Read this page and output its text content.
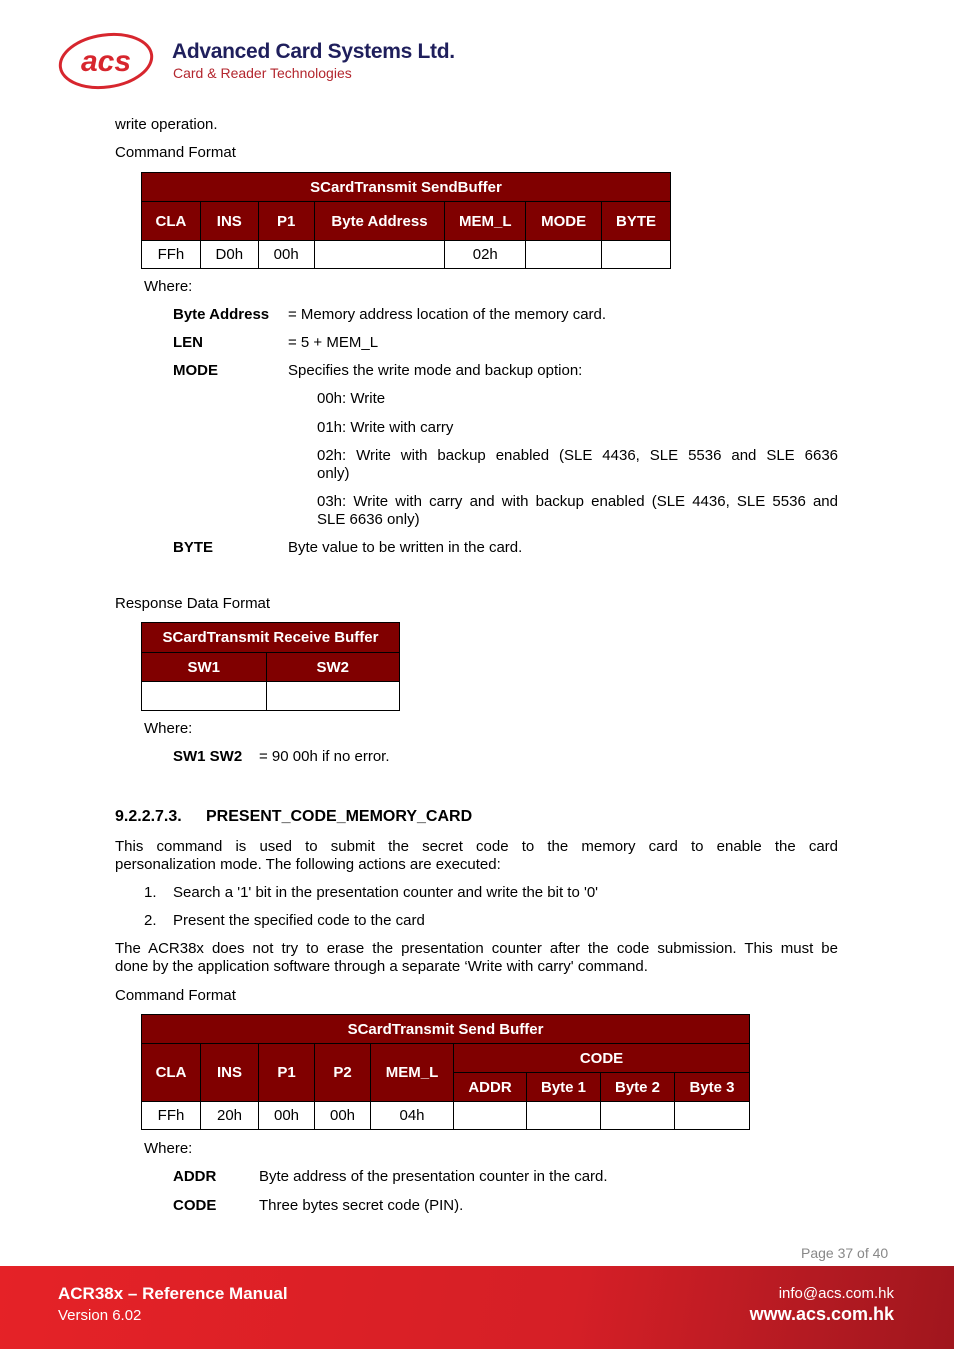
acs Advanced Card Systems Ltd.
Card & Reader Technologies
write operation.
Command Format
SCardTransmit SendBuffer						
CLA	INS	P1	Byte Address	MEM_L	MODE	BYTE
FFh	D0h	00h		02h		
Where:
Byte Address = Memory address location of the memory card.
LEN	= 5 + MEM_L
MODE	Specifies the write mode and backup option:
00h: Write
01h: Write with carry
02h: Write with backup enabled (SLE 4436, SLE 5536 and SLE 6636
only)
03h: Write with carry and with backup enabled (SLE 4436, SLE 5536 and
SLE 6636 only)
BYTE	Byte value to be written in the card.
Response Data Format
SCardTransmit Receive Buffer	
SW1	SW2

Where:
SW1 SW2 = 90 00h if no error.
9.2.2.7.3. PRESENT_CODE_MEMORY_CARD
This command is used to submit the secret code to the memory card to enable the card
personalization mode. The following actions are executed:
1. Search a '1' bit in the presentation counter and write the bit to '0'
2. Present the specified code to the card
The ACR38x does not try to erase the presentation counter after the code submission. This must be
done by the application software through a separate ‘Write with carry' command.
Command Format
SCardTransmit Send Buffer								
CLA	INS	P1	P2	MEM_L	CODE			
					ADDR	Byte 1	Byte 2	Byte 3
FFh	20h	00h	00h	04h				
Where:
ADDR	Byte address of the presentation counter in the card.
CODE	Three bytes secret code (PIN).
Page 37 of 40
ACR38x – Reference Manual
Version 6.02
info@acs.com.hk
www.acs.com.hk
